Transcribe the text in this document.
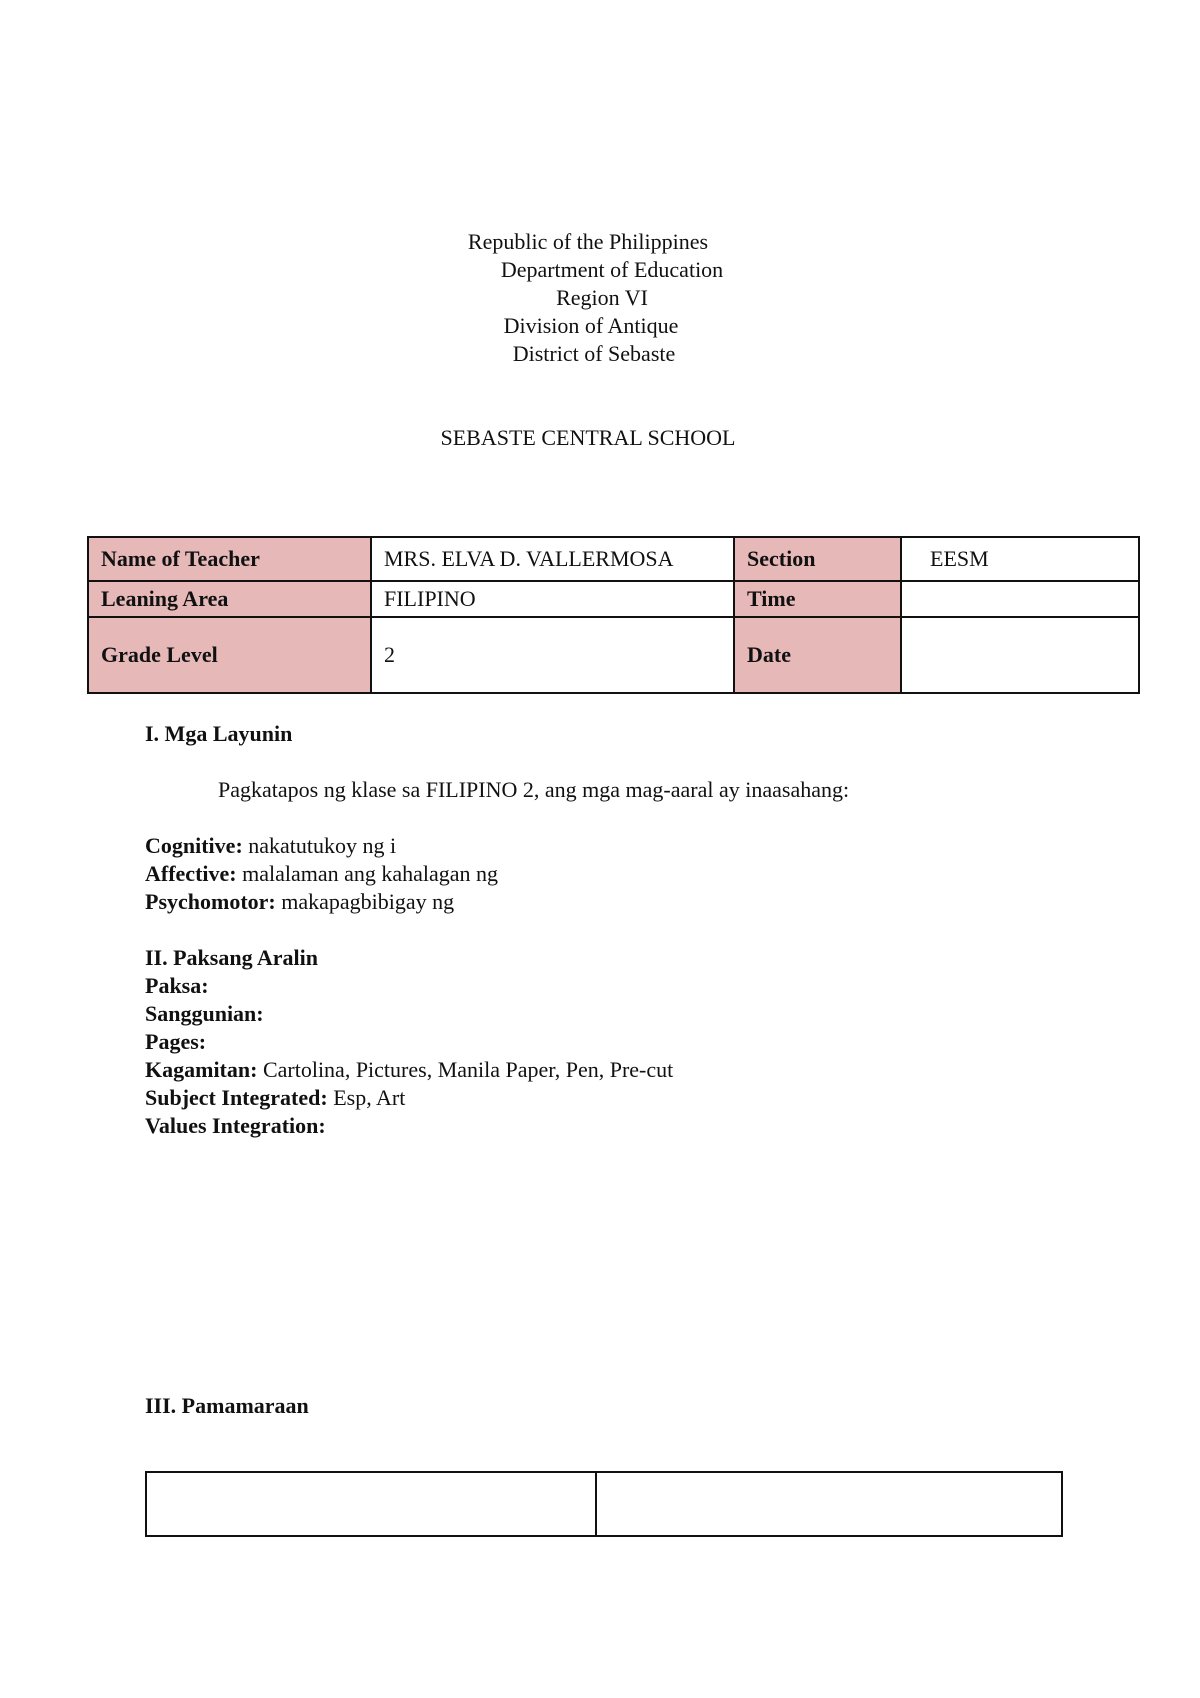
Republic of the Philippines
Department of Education
Region VI
Division of Antique
District of Sebaste
SEBASTE CENTRAL SCHOOL
Name of Teacher	MRS. ELVA D. VALLERMOSA	Section	EESM
Leaning Area	FILIPINO	Time	
Grade Level	2	Date	
I. Mga Layunin
Pagkatapos ng klase sa FILIPINO 2, ang mga mag-aaral ay inaasahang:
Cognitive: nakatutukoy ng i
Affective: malalaman ang kahalagan ng
Psychomotor: makapagbibigay ng
II. Paksang Aralin
Paksa:
Sanggunian:
Pages:
Kagamitan: Cartolina, Pictures, Manila Paper, Pen, Pre-cut
Subject Integrated: Esp, Art
Values Integration:
III. Pamamaraan
